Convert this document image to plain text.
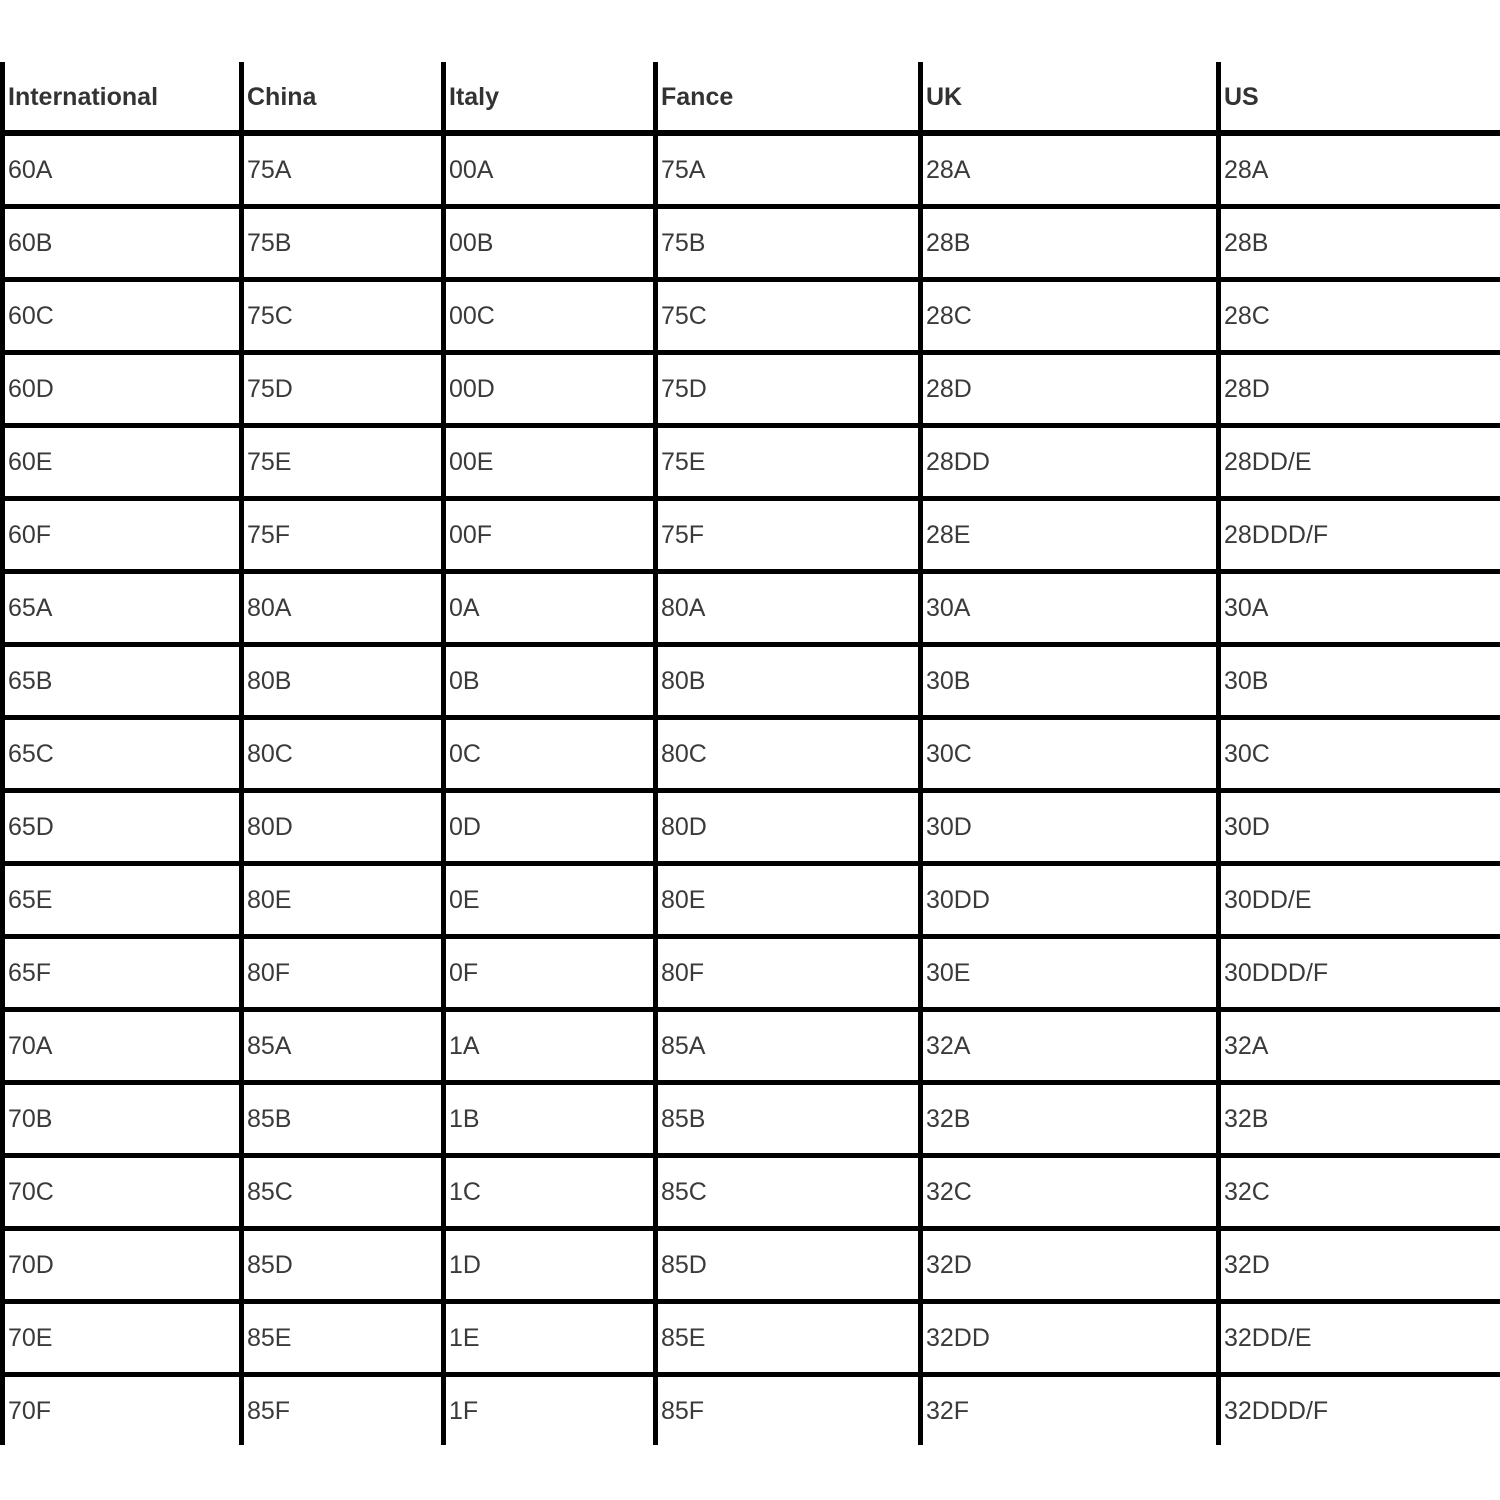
International	China	Italy	Fance	UK	US
60A	75A	00A	75A	28A	28A
60B	75B	00B	75B	28B	28B
60C	75C	00C	75C	28C	28C
60D	75D	00D	75D	28D	28D
60E	75E	00E	75E	28DD	28DD/E
60F	75F	00F	75F	28E	28DDD/F
65A	80A	0A	80A	30A	30A
65B	80B	0B	80B	30B	30B
65C	80C	0C	80C	30C	30C
65D	80D	0D	80D	30D	30D
65E	80E	0E	80E	30DD	30DD/E
65F	80F	0F	80F	30E	30DDD/F
70A	85A	1A	85A	32A	32A
70B	85B	1B	85B	32B	32B
70C	85C	1C	85C	32C	32C
70D	85D	1D	85D	32D	32D
70E	85E	1E	85E	32DD	32DD/E
70F	85F	1F	85F	32F	32DDD/F
